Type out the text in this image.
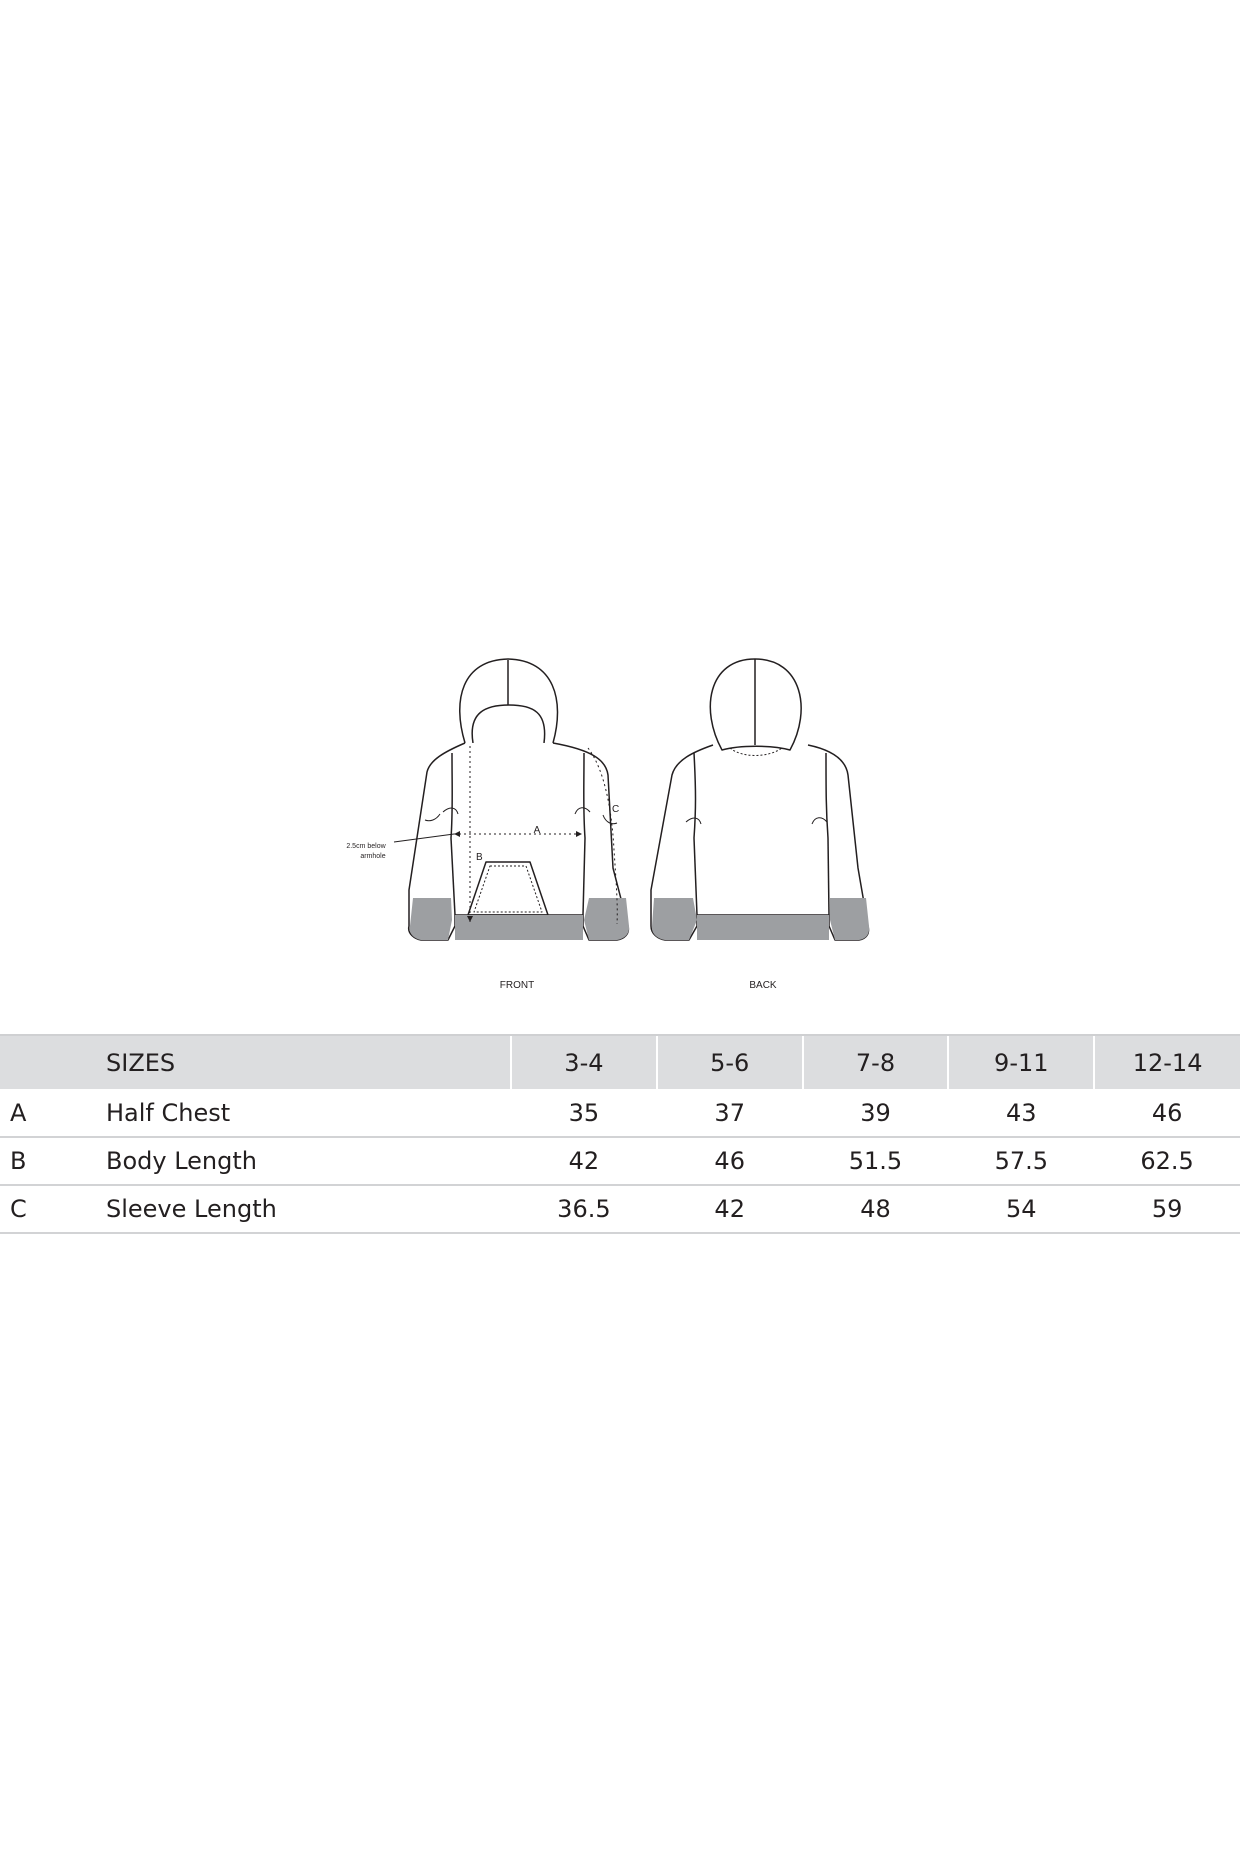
A
B
C
2.5cm below
armhole
FRONT	BACK
	SIZES	3-4	5-6	7-8	9-11	12-14
A	Half Chest	35	37	39	43	46
B	Body Length	42	46	51.5	57.5	62.5
C	Sleeve Length	36.5	42	48	54	59
